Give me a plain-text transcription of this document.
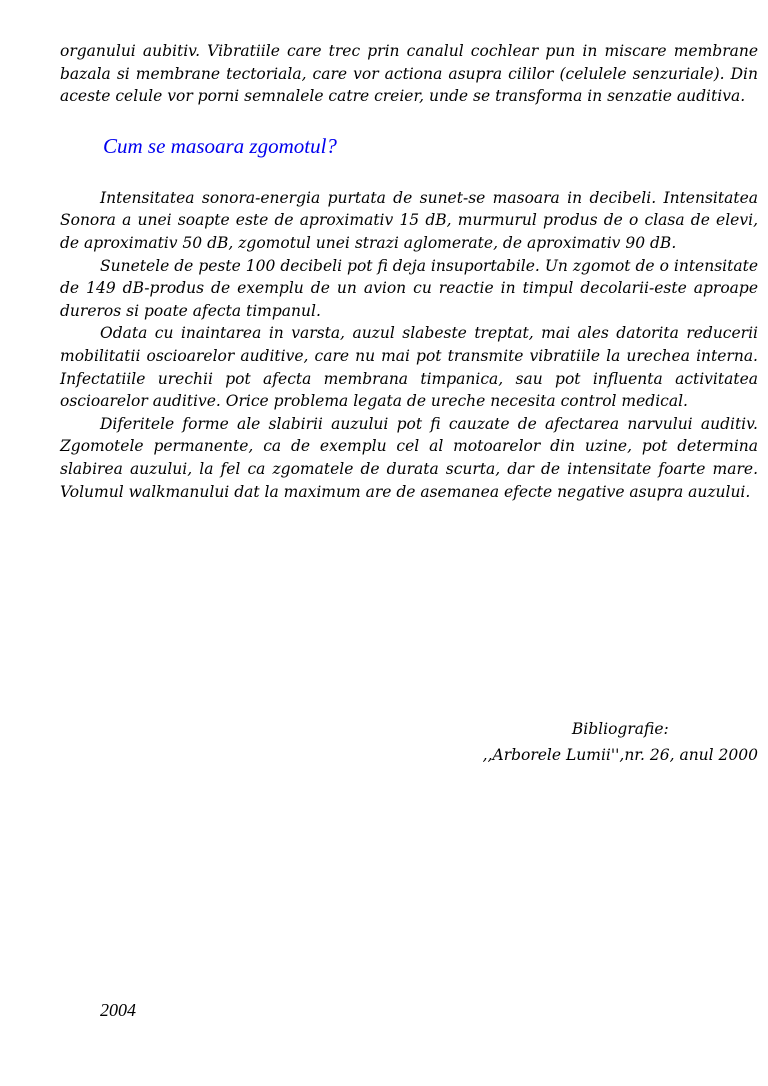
organului aubitiv. Vibratiile care trec prin canalul cochlear pun in miscare membrane bazala si membrane tectoriala, care vor actiona asupra cililor (celulele senzuriale). Din aceste celule vor porni semnalele catre creier, unde se transforma in senzatie auditiva.

Cum se masoara zgomotul?

Intensitatea sonora-energia purtata de sunet-se masoara in decibeli. Intensitatea Sonora a unei soapte este de aproximativ 15 dB, murmurul produs de o clasa de elevi, de aproximativ 50 dB, zgomotul unei strazi aglomerate, de aproximativ 90 dB.

Sunetele de peste 100 decibeli pot fi deja insuportabile. Un zgomot de o intensitate de 149 dB-produs de exemplu de un avion cu reactie in timpul decolarii-este aproape dureros si poate afecta timpanul.

Odata cu inaintarea in varsta, auzul slabeste treptat, mai ales datorita reducerii mobilitatii oscioarelor auditive, care nu mai pot transmite vibratiile la urechea interna. Infectatiile urechii pot afecta membrana timpanica, sau pot influenta activitatea oscioarelor auditive. Orice problema legata de ureche necesita control medical.

Diferitele forme ale slabirii auzului pot fi cauzate de afectarea narvului auditiv. Zgomotele permanente, ca de exemplu cel al motoarelor din uzine, pot determina slabirea auzului, la fel ca zgomatele de durata scurta, dar de intensitate foarte mare. Volumul walkmanului dat la maximum are de asemanea efecte negative asupra auzului.

Bibliografie:
,,Arborele Lumii'',nr. 26, anul 2000
2004
